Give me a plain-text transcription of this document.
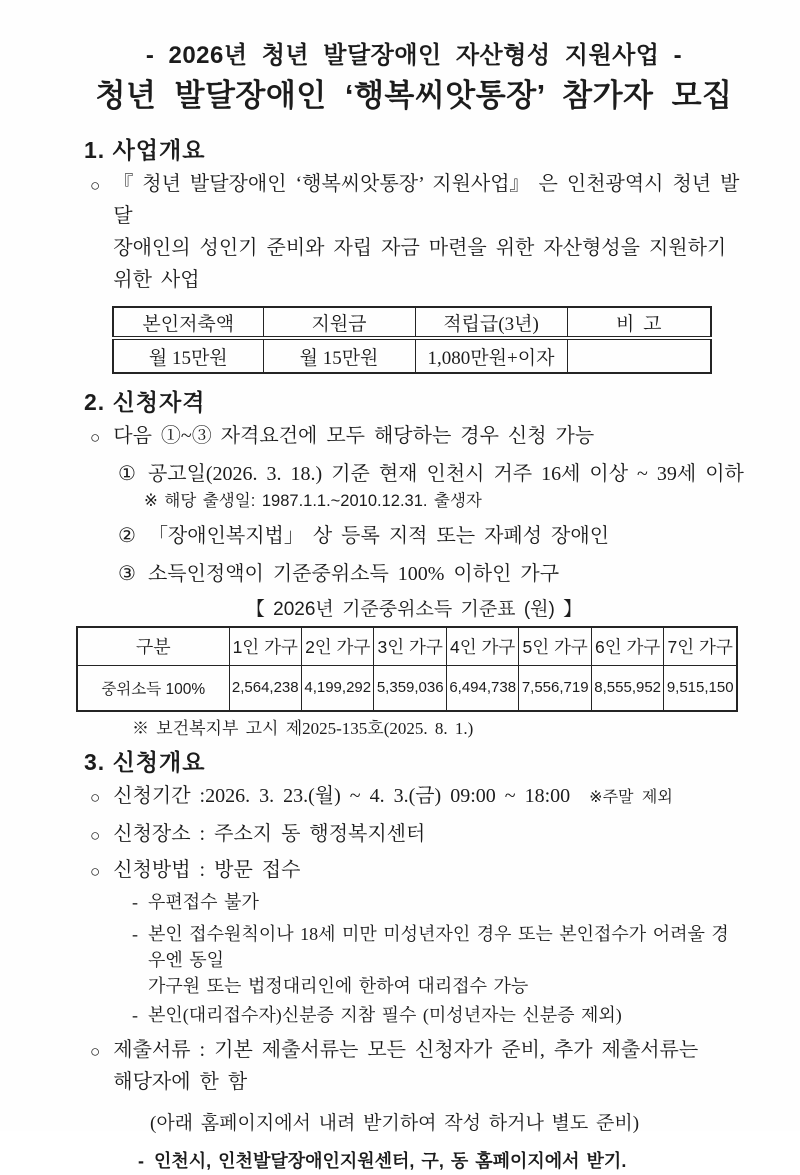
- 2026년 청년 발달장애인 자산형성 지원사업 -
청년 발달장애인 ‘행복씨앗통장’ 참가자 모집
1. 사업개요
○ 『 청년 발달장애인 ‘행복씨앗통장’ 지원사업』 은 인천광역시 청년 발달
장애인의 성인기 준비와 자립 자금 마련을 위한 자산형성을 지원하기 위한 사업
본인저축액	지원금	적립급(3년)	비 고
월 15만원	월 15만원	1,080만원+이자	
2. 신청자격
○ 다음 ①~③ 자격요건에 모두 해당하는 경우 신청 가능
① 공고일(2026. 3. 18.) 기준 현재 인천시 거주 16세 이상 ~ 39세 이하
※ 해당 출생일: 1987.1.1.~2010.12.31. 출생자
② 「장애인복지법」 상 등록 지적 또는 자폐성 장애인
③ 소득인정액이 기준중위소득 100% 이하인 가구
【 2026년 기준중위소득 기준표 (원) 】
구분	1인 가구	2인 가구	3인 가구	4인 가구	5인 가구	6인 가구	7인 가구
중위소득 100%	2,564,238	4,199,292	5,359,036	6,494,738	7,556,719	8,555,952	9,515,150
※ 보건복지부 고시 제2025-135호(2025. 8. 1.)
3. 신청개요
○ 신청기간 :2026. 3. 23.(월) ~ 4. 3.(금) 09:00 ~ 18:00 ※주말 제외
○ 신청장소 : 주소지 동 행정복지센터
○ 신청방법 : 방문 접수
- 우편접수 불가
- 본인 접수원칙이나 18세 미만 미성년자인 경우 또는 본인접수가 어려울 경우엔 동일
가구원 또는 법정대리인에 한하여 대리접수 가능
- 본인(대리접수자)신분증 지참 필수 (미성년자는 신분증 제외)
○ 제출서류 : 기본 제출서류는 모든 신청자가 준비, 추가 제출서류는
해당자에 한 함
(아래 홈페이지에서 내려 받기하여 작성 하거나 별도 준비)
- 인천시, 인천발달장애인지원센터, 구, 동 홈페이지에서 받기.
